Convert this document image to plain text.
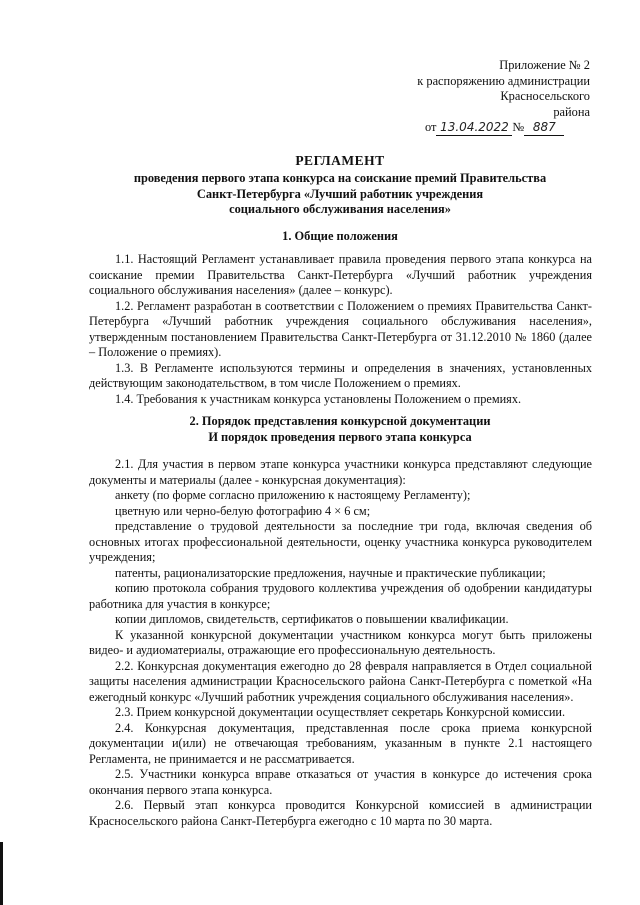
Приложение № 2
к распоряжению администрации
Красносельского
района
от 13.04.2022 № 887
РЕГЛАМЕНТ
проведения первого этапа конкурса на соискание премий Правительства
Санкт-Петербурга «Лучший работник учреждения
социального обслуживания населения»
1. Общие положения

1.1. Настоящий Регламент устанавливает правила проведения первого этапа конкурса на соискание премии Правительства Санкт-Петербурга «Лучший работник учреждения социального обслуживания населения» (далее – конкурс).

1.2. Регламент разработан в соответствии с Положением о премиях Правительства Санкт-Петербурга «Лучший работник учреждения социального обслуживания населения», утвержденным постановлением Правительства Санкт-Петербурга от 31.12.2010 № 1860 (далее – Положение о премиях).

1.3. В Регламенте используются термины и определения в значениях, установленных действующим законодательством, в том числе Положением о премиях.

1.4. Требования к участникам конкурса установлены Положением о премиях.

2. Порядок представления конкурсной документации
И порядок проведения первого этапа конкурса

2.1. Для участия в первом этапе конкурса участники конкурса представляют следующие документы и материалы (далее - конкурсная документация):

анкету (по форме согласно приложению к настоящему Регламенту);

цветную или черно-белую фотографию 4 × 6 см;

представление о трудовой деятельности за последние три года, включая сведения об основных итогах профессиональной деятельности, оценку участника конкурса руководителем учреждения;

патенты, рационализаторские предложения, научные и практические публикации;

копию протокола собрания трудового коллектива учреждения об одобрении кандидатуры работника для участия в конкурсе;

копии дипломов, свидетельств, сертификатов о повышении квалификации.

К указанной конкурсной документации участником конкурса могут быть приложены видео- и аудиоматериалы, отражающие его профессиональную деятельность.

2.2. Конкурсная документация ежегодно до 28 февраля направляется в Отдел социальной защиты населения администрации Красносельского района Санкт-Петербурга с пометкой «На ежегодный конкурс «Лучший работник учреждения социального обслуживания населения».

2.3. Прием конкурсной документации осуществляет секретарь Конкурсной комиссии.

2.4. Конкурсная документация, представленная после срока приема конкурсной документации и(или) не отвечающая требованиям, указанным в пункте 2.1 настоящего Регламента, не принимается и не рассматривается.

2.5. Участники конкурса вправе отказаться от участия в конкурсе до истечения срока окончания первого этапа конкурса.

2.6. Первый этап конкурса проводится Конкурсной комиссией в администрации Красносельского района Санкт-Петербурга ежегодно с 10 марта по 30 марта.
